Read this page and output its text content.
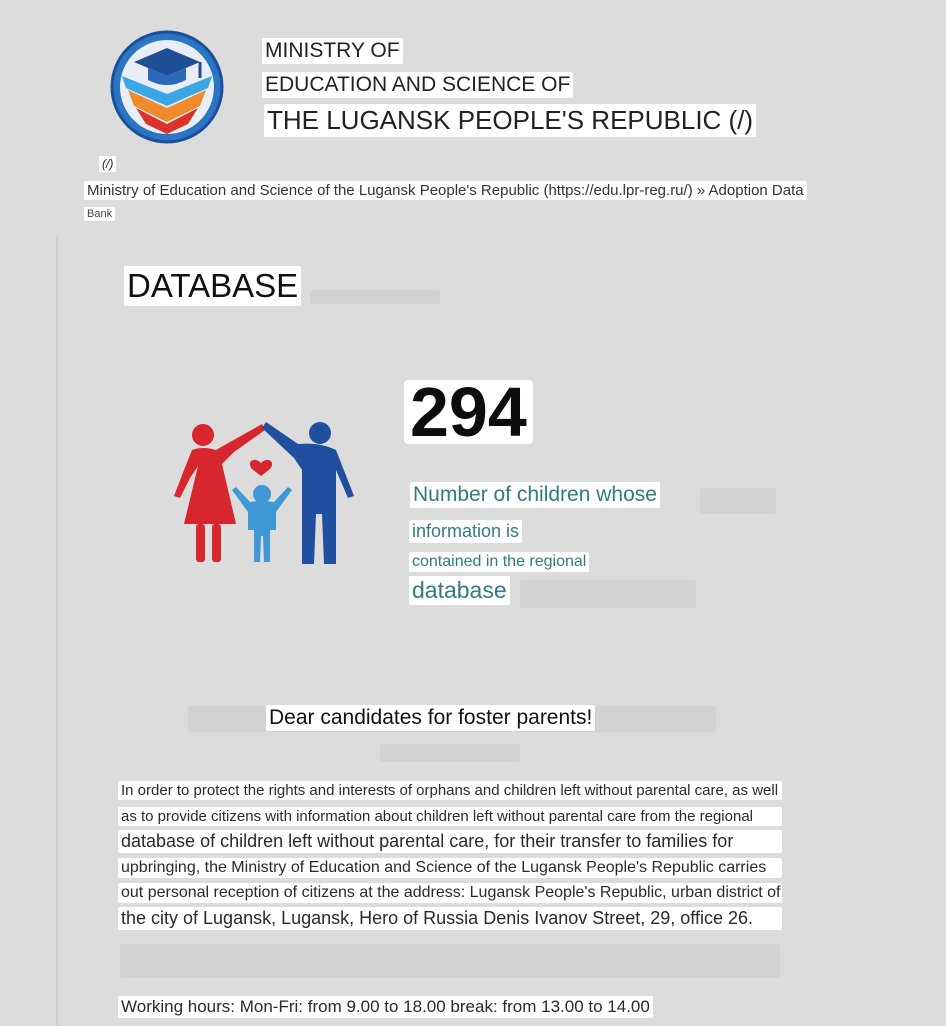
MINISTRY OF
EDUCATION AND SCIENCE OF
THE LUGANSK PEOPLE'S REPUBLIC (/)
(/)
Ministry of Education and Science of the Lugansk People's Republic (https://edu.lpr-reg.ru/) » Adoption Data
Bank
DATABASE
294
Number of children whose
information is
contained in the regional
database
Dear candidates for foster parents!
In order to protect the rights and interests of orphans and children left without parental care, as well
as to provide citizens with information about children left without parental care from the regional
database of children left without parental care, for their transfer to families for
upbringing, the Ministry of Education and Science of the Lugansk People's Republic carries
out personal reception of citizens at the address: Lugansk People's Republic, urban district of
the city of Lugansk, Lugansk, Hero of Russia Denis Ivanov Street, 29, office 26.
Working hours: Mon-Fri: from 9.00 to 18.00 break: from 13.00 to 14.00
